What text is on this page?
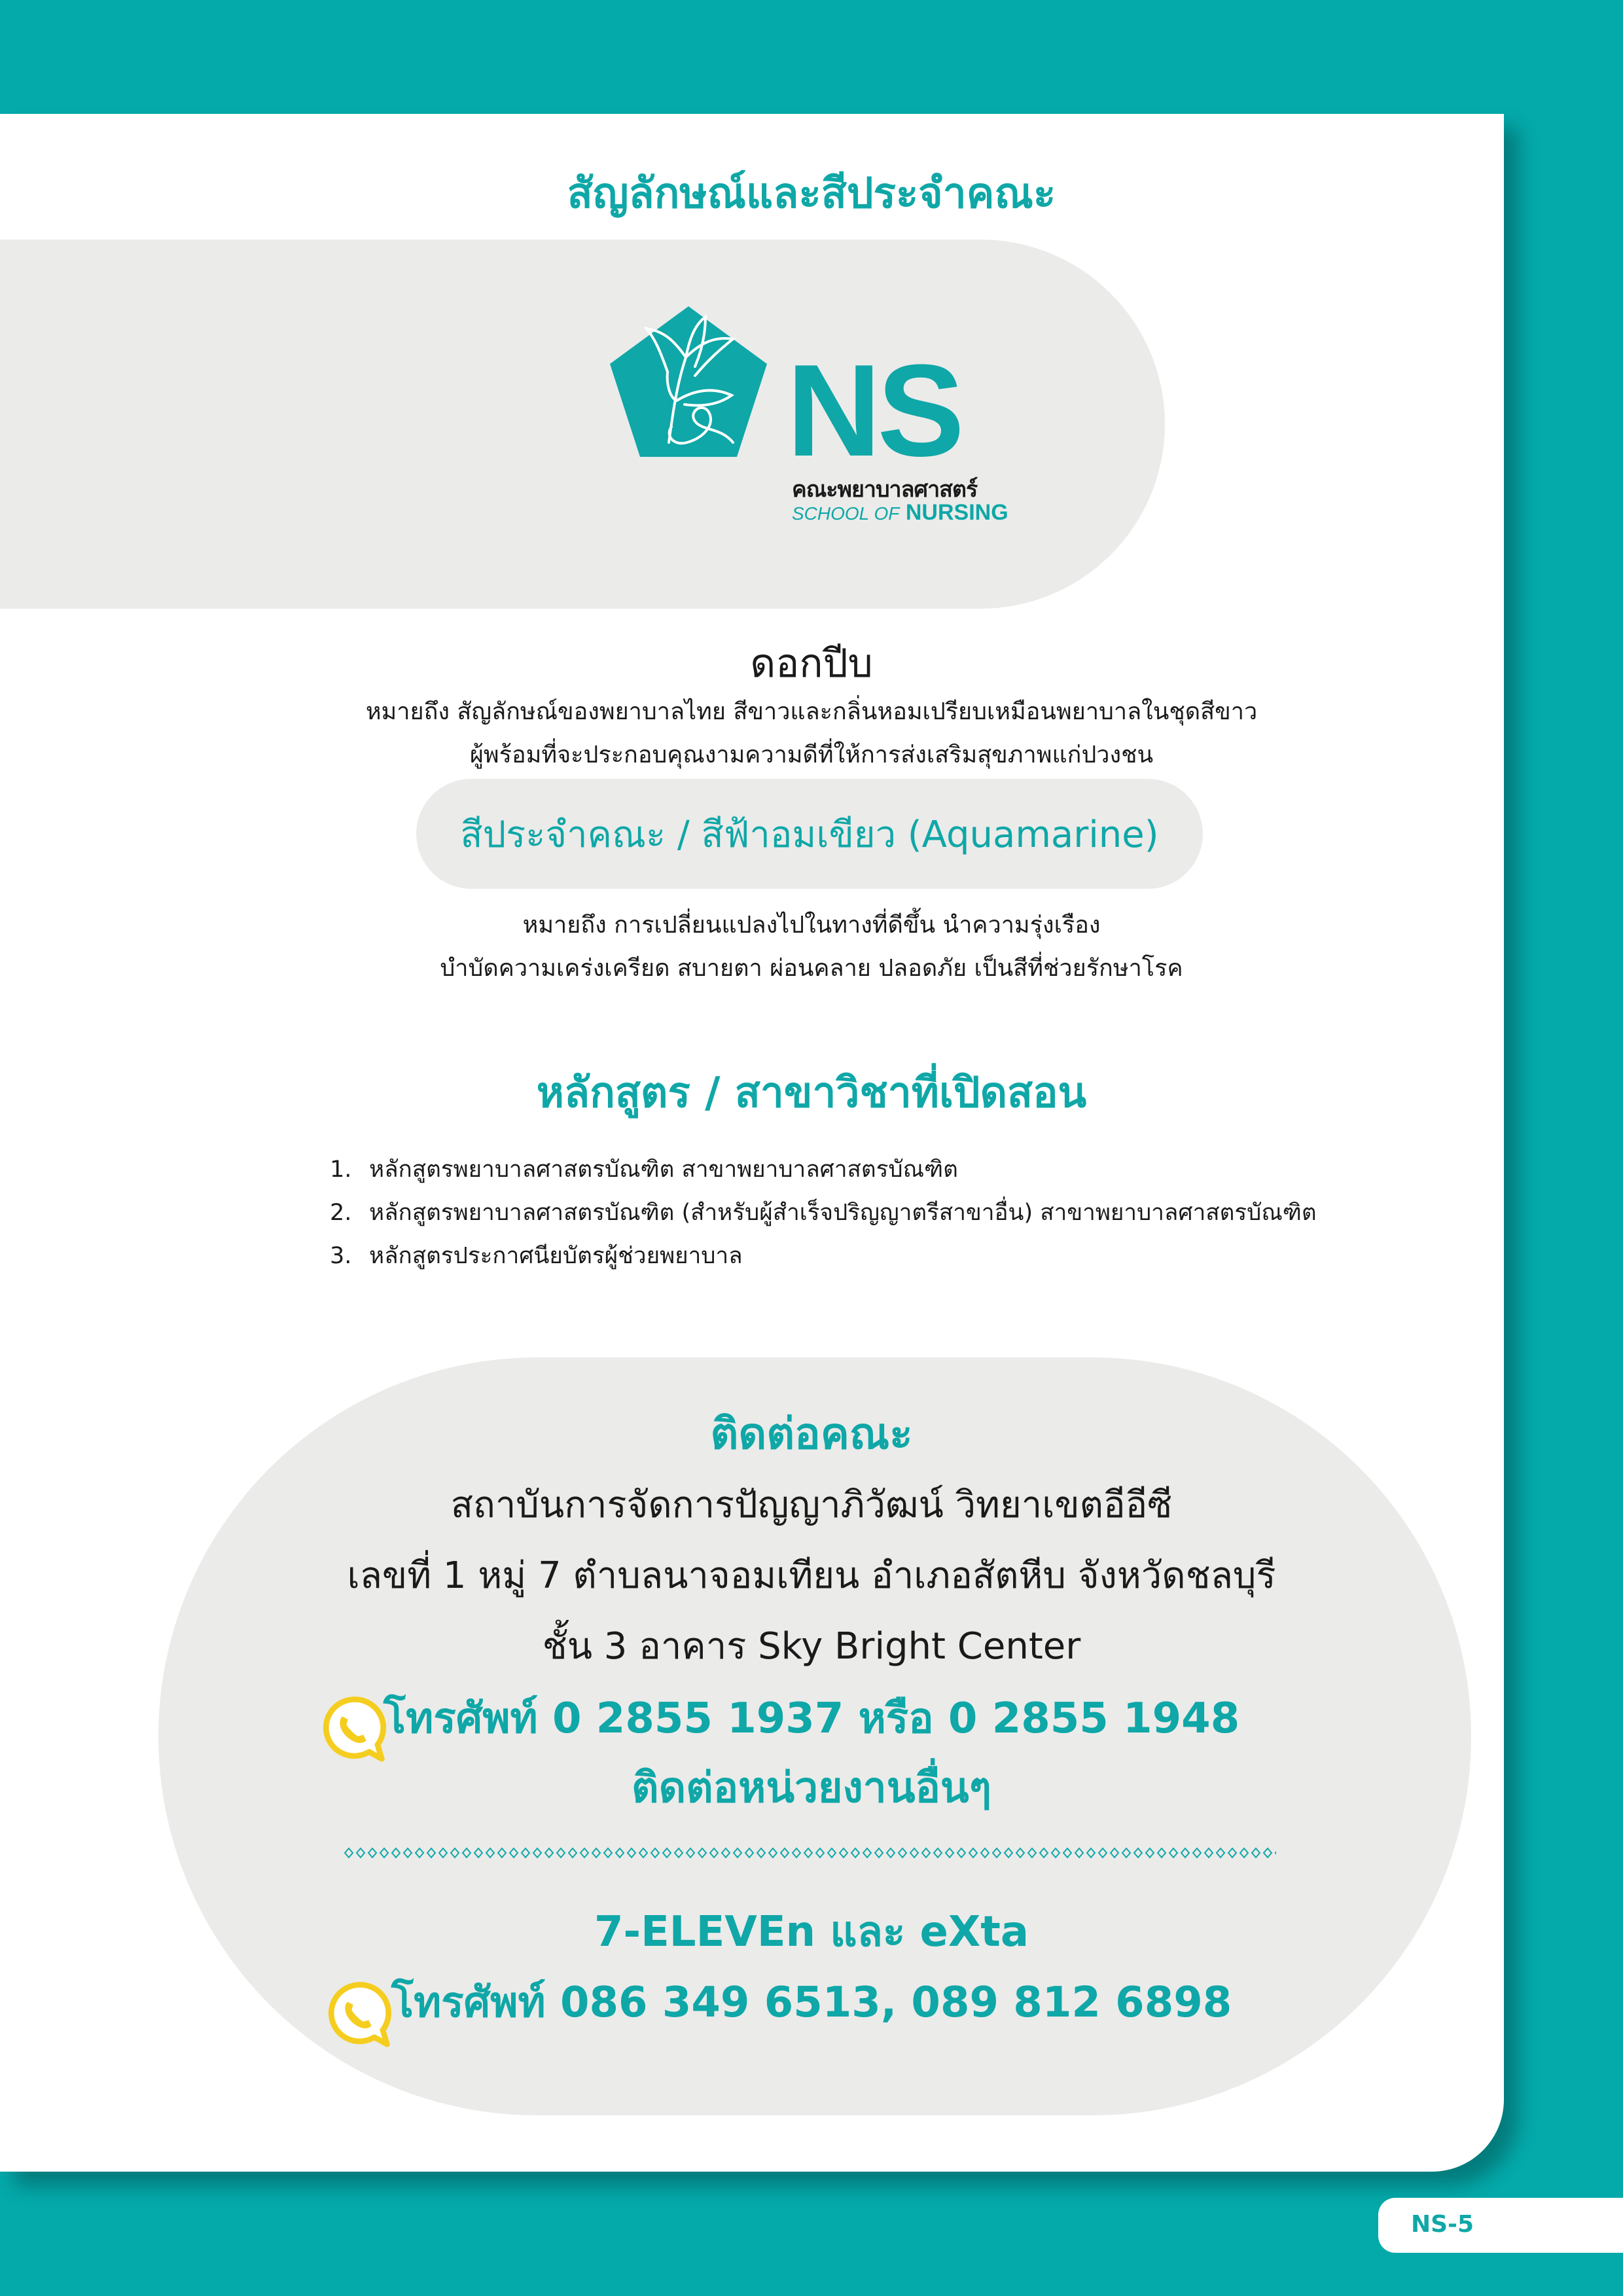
สัญลักษณ์และสีประจำคณะ
NS
คณะพยาบาลศาสตร์
SCHOOL OF NURSING
ดอกปีบ
หมายถึง สัญลักษณ์ของพยาบาลไทย สีขาวและกลิ่นหอมเปรียบเหมือนพยาบาลในชุดสีขาว
ผู้พร้อมที่จะประกอบคุณงามความดีที่ให้การส่งเสริมสุขภาพแก่ปวงชน
สีประจำคณะ / สีฟ้าอมเขียว (Aquamarine)
หมายถึง การเปลี่ยนแปลงไปในทางที่ดีขึ้น นำความรุ่งเรือง
บำบัดความเคร่งเครียด สบายตา ผ่อนคลาย ปลอดภัย เป็นสีที่ช่วยรักษาโรค
หลักสูตร / สาขาวิชาที่เปิดสอน
1. หลักสูตรพยาบาลศาสตรบัณฑิต สาขาพยาบาลศาสตรบัณฑิต
2. หลักสูตรพยาบาลศาสตรบัณฑิต (สำหรับผู้สำเร็จปริญญาตรีสาขาอื่น) สาขาพยาบาลศาสตรบัณฑิต
3. หลักสูตรประกาศนียบัตรผู้ช่วยพยาบาล
ติดต่อคณะ
สถาบันการจัดการปัญญาภิวัฒน์ วิทยาเขตอีอีซี
เลขที่ 1 หมู่ 7 ตำบลนาจอมเทียน อำเภอสัตหีบ จังหวัดชลบุรี
ชั้น 3 อาคาร Sky Bright Center
โทรศัพท์ 0 2855 1937 หรือ 0 2855 1948
ติดต่อหน่วยงานอื่นๆ
7-ELEVEn และ eXta
โทรศัพท์ 086 349 6513, 089 812 6898
NS-5
